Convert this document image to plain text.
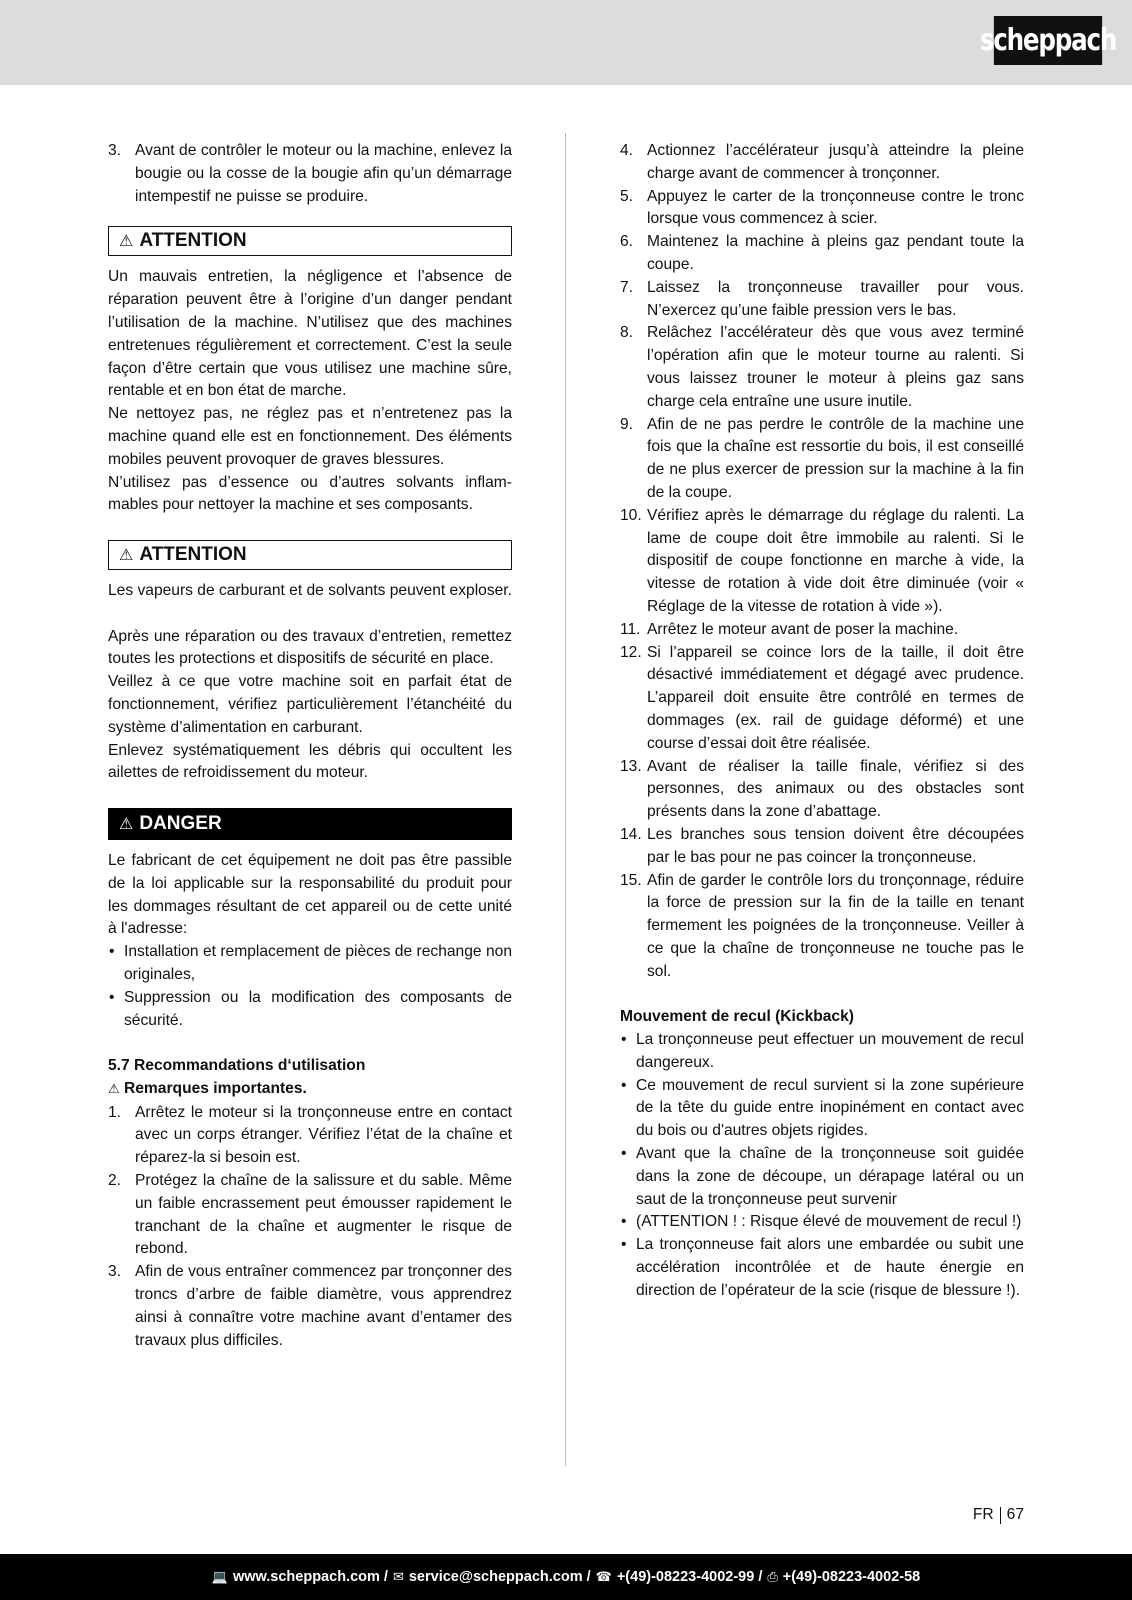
scheppach
3. Avant de contrôler le moteur ou la machine, enlevez la bougie ou la cosse de la bougie afin qu’un démarrage intempestif ne puisse se produire.
⚠ ATTENTION

Un mauvais entretien, la négligence et l’absence de réparation peuvent être à l’origine d’un danger pendant l’utilisation de la machine. N’utilisez que des machines entretenues régulièrement et correctement. C’est la seule façon d’être certain que vous utilisez une machine sûre, rentable et en bon état de marche.

Ne nettoyez pas, ne réglez pas et n’entretenez pas la machine quand elle est en fonctionnement. Des éléments mobiles peuvent provoquer de graves blessures.

N’utilisez pas d’essence ou d’autres solvants inflammables pour nettoyer la machine et ses composants.

⚠ ATTENTION

Les vapeurs de carburant et de solvants peuvent exploser.

Après une réparation ou des travaux d’entretien, remettez toutes les protections et dispositifs de sécurité en place.

Veillez à ce que votre machine soit en parfait état de fonctionnement, vérifiez particulièrement l’étanchéité du système d’alimentation en carburant.

Enlevez systématiquement les débris qui occultent les ailettes de refroidissement du moteur.

⚠ DANGER

Le fabricant de cet équipement ne doit pas être passible de la loi applicable sur la responsabilité du produit pour les dommages résultant de cet appareil ou de cette unité à l'adresse:

• Installation et remplacement de pièces de rechange non originales,
• Suppression ou la modification des composants de sécurité.

5.7 Recommandations d‘utilisation

⚠ Remarques importantes.

1. Arrêtez le moteur si la tronçonneuse entre en contact avec un corps étranger. Vérifiez l’état de la chaîne et réparez-la si besoin est.
2. Protégez la chaîne de la salissure et du sable. Même un faible encrassement peut émousser rapidement le tranchant de la chaîne et augmenter le risque de rebond.
3. Afin de vous entraîner commencez par tronçonner des troncs d’arbre de faible diamètre, vous apprendrez ainsi à connaître votre machine avant d’entamer des travaux plus difficiles.
4. Actionnez l’accélérateur jusqu’à atteindre la pleine charge avant de commencer à tronçonner.
5. Appuyez le carter de la tronçonneuse contre le tronc lorsque vous commencez à scier.
6. Maintenez la machine à pleins gaz pendant toute la coupe.
7. Laissez la tronçonneuse travailler pour vous. N’exercez qu’une faible pression vers le bas.
8. Relâchez l’accélérateur dès que vous avez terminé l’opération afin que le moteur tourne au ralenti. Si vous laissez trouner le moteur à pleins gaz sans charge cela entraîne une usure inutile.
9. Afin de ne pas perdre le contrôle de la machine une fois que la chaîne est ressortie du bois, il est conseillé de ne plus exercer de pression sur la machine à la fin de la coupe.
10. Vérifiez après le démarrage du réglage du ralenti. La lame de coupe doit être immobile au ralenti. Si le dispositif de coupe fonctionne en marche à vide, la vitesse de rotation à vide doit être diminuée (voir « Réglage de la vitesse de rotation à vide »).
11. Arrêtez le moteur avant de poser la machine.
12. Si l’appareil se coince lors de la taille, il doit être désactivé immédiatement et dégagé avec prudence. L’appareil doit ensuite être contrôlé en termes de dommages (ex. rail de guidage déformé) et une course d’essai doit être réalisée.
13. Avant de réaliser la taille finale, vérifiez si des personnes, des animaux ou des obstacles sont présents dans la zone d’abattage.
14. Les branches sous tension doivent être découpées par le bas pour ne pas coincer la tronçonneuse.
15. Afin de garder le contrôle lors du tronçonnage, réduire la force de pression sur la fin de la taille en tenant fermement les poignées de la tronçonneuse. Veiller à ce que la chaîne de tronçonneuse ne touche pas le sol.

Mouvement de recul (Kickback)

• La tronçonneuse peut effectuer un mouvement de recul dangereux.
• Ce mouvement de recul survient si la zone supérieure de la tête du guide entre inopinément en contact avec du bois ou d'autres objets rigides.
• Avant que la chaîne de la tronçonneuse soit guidée dans la zone de découpe, un dérapage latéral ou un saut de la tronçonneuse peut survenir
• (ATTENTION ! : Risque élevé de mouvement de recul !)
• La tronçonneuse fait alors une embardée ou subit une accélération incontrôlée et de haute énergie en direction de l’opérateur de la scie (risque de blessure !).
FR 67
💻 www.scheppach.com / ✉ service@scheppach.com / ☎ +(49)-08223-4002-99 / ⎙ +(49)-08223-4002-58
